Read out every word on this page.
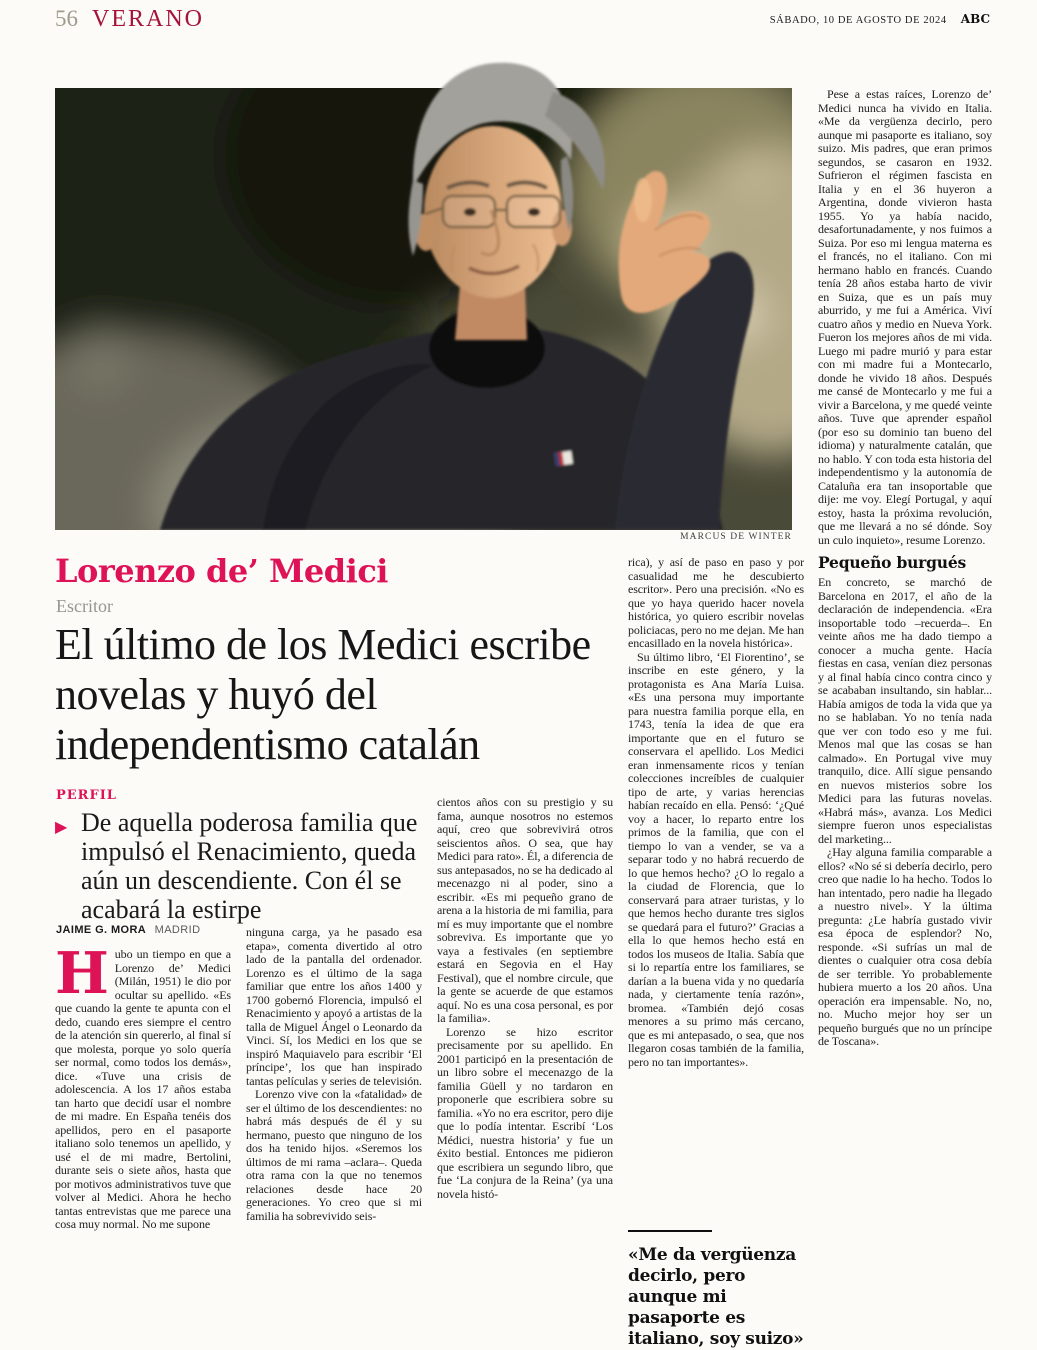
56 VERANO	SÁBADO, 10 DE AGOSTO DE 2024 ABC
MARCUS DE WINTER
Lorenzo de’ Medici
Escritor
El último de los Medici escribe novelas y huyó del independentismo catalán
PERFIL
▶ De aquella poderosa familia que impulsó el Renacimiento, queda aún un descendiente. Con él se acabará la estirpe
JAIME G. MORA MADRID

Hubo un tiempo en que a Lorenzo de’ Medici (Milán, 1951) le dio por ocultar su apellido. «Es que cuando la gente te apunta con el dedo, cuando eres siempre el centro de la atención sin quererlo, al final sí que molesta, porque yo solo quería ser normal, como todos los demás», dice. «Tuve una crisis de adolescencia. A los 17 años estaba tan harto que decidí usar el nombre de mi madre. En España tenéis dos apellidos, pero en el pasaporte italiano solo tenemos un apellido, y usé el de mi madre, Bertolini, durante seis o siete años, hasta que por motivos administrativos tuve que volver al Medici. Ahora he hecho tantas entrevistas que me parece una cosa muy normal. No me supone

ninguna carga, ya he pasado esa etapa», comenta divertido al otro lado de la pantalla del ordenador. Lorenzo es el último de la saga familiar que entre los años 1400 y 1700 gobernó Florencia, impulsó el Renacimiento y apoyó a artistas de la talla de Miguel Ángel o Leonardo da Vinci. Sí, los Medici en los que se inspiró Maquiavelo para escribir ‘El príncipe’, los que han inspirado tantas películas y series de televisión.

Lorenzo vive con la «fatalidad» de ser el último de los descendientes: no habrá más después de él y su hermano, puesto que ninguno de los dos ha tenido hijos. «Seremos los últimos de mi rama –aclara–. Queda otra rama con la que no tenemos relaciones desde hace 20 generaciones. Yo creo que si mi familia ha sobrevivido seis-

cientos años con su prestigio y su fama, aunque nosotros no estemos aquí, creo que sobrevivirá otros seiscientos años. O sea, que hay Medici para rato». Él, a diferencia de sus antepasados, no se ha dedicado al mecenazgo ni al poder, sino a escribir. «Es mi pequeño grano de arena a la historia de mi familia, para mí es muy importante que el nombre sobreviva. Es importante que yo vaya a festivales (en septiembre estará en Segovia en el Hay Festival), que el nombre circule, que la gente se acuerde de que estamos aquí. No es una cosa personal, es por la familia».

Lorenzo se hizo escritor precisamente por su apellido. En 2001 participó en la presentación de un libro sobre el mecenazgo de la familia Güell y no tardaron en proponerle que escribiera sobre su familia. «Yo no era escritor, pero dije que lo podía intentar. Escribí ‘Los Médici, nuestra historia’ y fue un éxito bestial. Entonces me pidieron que escribiera un segundo libro, que fue ‘La conjura de la Reina’ (ya una novela histó-

rica), y así de paso en paso y por casualidad me he descubierto escritor». Pero una precisión. «No es que yo haya querido hacer novela histórica, yo quiero escribir novelas policiacas, pero no me dejan. Me han encasillado en la novela histórica».

Su último libro, ‘El Fiorentino’, se inscribe en este género, y la protagonista es Ana María Luisa. «Es una persona muy importante para nuestra familia porque ella, en 1743, tenía la idea de que era importante que en el futuro se conservara el apellido. Los Medici eran inmensamente ricos y tenían colecciones increíbles de cualquier tipo de arte, y varias herencias habían recaído en ella. Pensó: ‘¿Qué voy a hacer, lo reparto entre los primos de la familia, que con el tiempo lo van a vender, se va a separar todo y no habrá recuerdo de lo que hemos hecho? ¿O lo regalo a la ciudad de Florencia, que lo conservará para atraer turistas, y lo que hemos hecho durante tres siglos se quedará para el futuro?’ Gracias a ella lo que hemos hecho está en todos los museos de Italia. Sabía que si lo repartía entre los familiares, se darían a la buena vida y no quedaría nada, y ciertamente tenía razón», bromea. «También dejó cosas menores a su primo más cercano, que es mi antepasado, o sea, que nos llegaron cosas también de la familia, pero no tan importantes».

«Me da vergüenza decirlo, pero aunque mi pasaporte es italiano, soy suizo»

Pese a estas raíces, Lorenzo de’ Medici nunca ha vivido en Italia. «Me da vergüenza decirlo, pero aunque mi pasaporte es italiano, soy suizo. Mis padres, que eran primos segundos, se casaron en 1932. Sufrieron el régimen fascista en Italia y en el 36 huyeron a Argentina, donde vivieron hasta 1955. Yo ya había nacido, desafortunadamente, y nos fuimos a Suiza. Por eso mi lengua materna es el francés, no el italiano. Con mi hermano hablo en francés. Cuando tenía 28 años estaba harto de vivir en Suiza, que es un país muy aburrido, y me fui a América. Viví cuatro años y medio en Nueva York. Fueron los mejores años de mi vida. Luego mi padre murió y para estar con mi madre fui a Montecarlo, donde he vivido 18 años. Después me cansé de Montecarlo y me fui a vivir a Barcelona, y me quedé veinte años. Tuve que aprender español (por eso su dominio tan bueno del idioma) y naturalmente catalán, que no hablo. Y con toda esta historia del independentismo y la autonomía de Cataluña era tan insoportable que dije: me voy. Elegí Portugal, y aquí estoy, hasta la próxima revolución, que me llevará a no sé dónde. Soy un culo inquieto», resume Lorenzo.

Pequeño burgués

En concreto, se marchó de Barcelona en 2017, el año de la declaración de independencia. «Era insoportable todo –recuerda–. En veinte años me ha dado tiempo a conocer a mucha gente. Hacía fiestas en casa, venían diez personas y al final había cinco contra cinco y se acababan insultando, sin hablar... Había amigos de toda la vida que ya no se hablaban. Yo no tenía nada que ver con todo eso y me fui. Menos mal que las cosas se han calmado». En Portugal vive muy tranquilo, dice. Allí sigue pensando en nuevos misterios sobre los Medici para las futuras novelas. «Habrá más», avanza. Los Medici siempre fueron unos especialistas del marketing...

¿Hay alguna familia comparable a ellos? «No sé si debería decirlo, pero creo que nadie lo ha hecho. Todos lo han intentado, pero nadie ha llegado a nuestro nivel». Y la última pregunta: ¿Le habría gustado vivir esa época de esplendor? No, responde. «Si sufrías un mal de dientes o cualquier otra cosa debía de ser terrible. Yo probablemente hubiera muerto a los 20 años. Una operación era impensable. No, no, no. Mucho mejor hoy ser un pequeño burgués que no un príncipe de Toscana».
